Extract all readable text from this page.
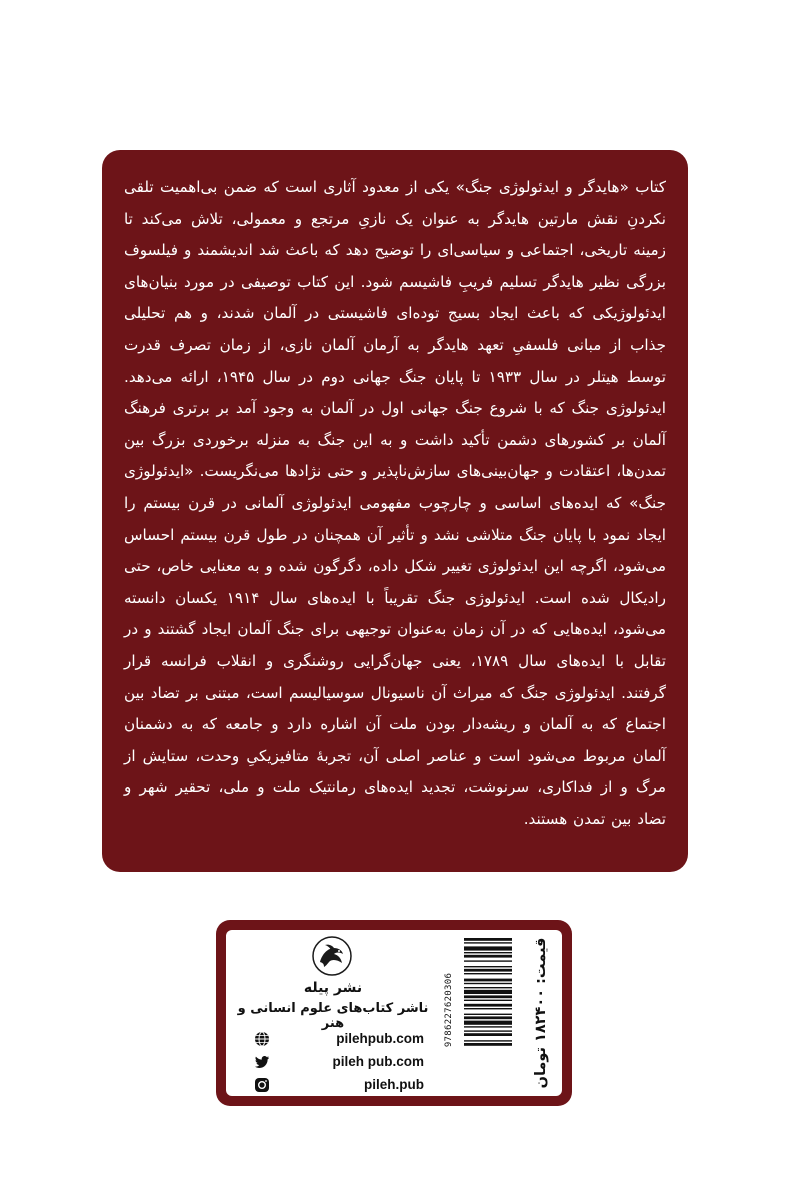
کتاب «هایدگر و ایدئولوژی جنگ» یکی از معدود آثاری است که ضمن بی‌اهمیت تلقی نکردنِ نقش مارتین هایدگر به عنوان یک نازیِ مرتجع و معمولی، تلاش می‌کند تا زمینه تاریخی، اجتماعی و سیاسی‌ای را توضیح دهد که باعث شد اندیشمند و فیلسوف بزرگی نظیر هایدگر تسلیم فریبِ فاشیسم شود. این کتاب توصیفی در مورد بنیان‌های ایدئولوژیکی که باعث ایجاد بسیج توده‌ای فاشیستی در آلمان شدند، و هم تحلیلی جذاب از مبانی فلسفیِ تعهد هایدگر به آرمان آلمان نازی، از زمان تصرف قدرت توسط هیتلر در سال ۱۹۳۳ تا پایان جنگ جهانی دوم در سال ۱۹۴۵، ارائه می‌دهد. ایدئولوژی جنگ که با شروع جنگ جهانی اول در آلمان به وجود آمد بر برتری فرهنگ آلمان بر کشورهای دشمن تأکید داشت و به این جنگ به منزله برخوردی بزرگ بین تمدن‌ها، اعتقادت و جهان‌بینی‌های سازش‌ناپذیر و حتی نژادها می‌نگریست. «ایدئولوژی جنگ» که ایده‌های اساسی و چارچوب مفهومی ایدئولوژی آلمانی در قرن بیستم را ایجاد نمود با پایان جنگ متلاشی نشد و تأثیر آن همچنان در طول قرن بیستم احساس می‌شود، اگرچه این ایدئولوژی تغییر شکل داده، دگرگون شده و به معنایی خاص، حتی رادیکال شده است. ایدئولوژی جنگ تقریباً با ایده‌های سال ۱۹۱۴ یکسان دانسته می‌شود، ایده‌هایی که در آن زمان به‌عنوان توجیهی برای جنگ آلمان ایجاد گشتند و در تقابل با ایده‌های سال ۱۷۸۹، یعنی جهان‌گرایی روشنگری و انقلاب فرانسه قرار گرفتند. ایدئولوژی جنگ که میراث آن ناسیونال سوسیالیسم است، مبتنی بر تضاد بین اجتماع که به آلمان و ریشه‌دار بودن ملت آن اشاره دارد و جامعه که به دشمنان آلمان مربوط می‌شود است و عناصر اصلی آن، تجربهٔ متافیزیکیِ وحدت، ستایش از مرگ و از فداکاری، سرنوشت، تجدید ایده‌های رمانتیک ملت و ملی، تحقیر شهر و تضاد بین تمدن هستند.

نشر پیله
ناشر کتاب‌های علوم انسانی و هنر
pilehpub.com
pileh pub.com
pileh.pub
9786227620306
قیمت: ۱۸۲۴۰۰ تومان
